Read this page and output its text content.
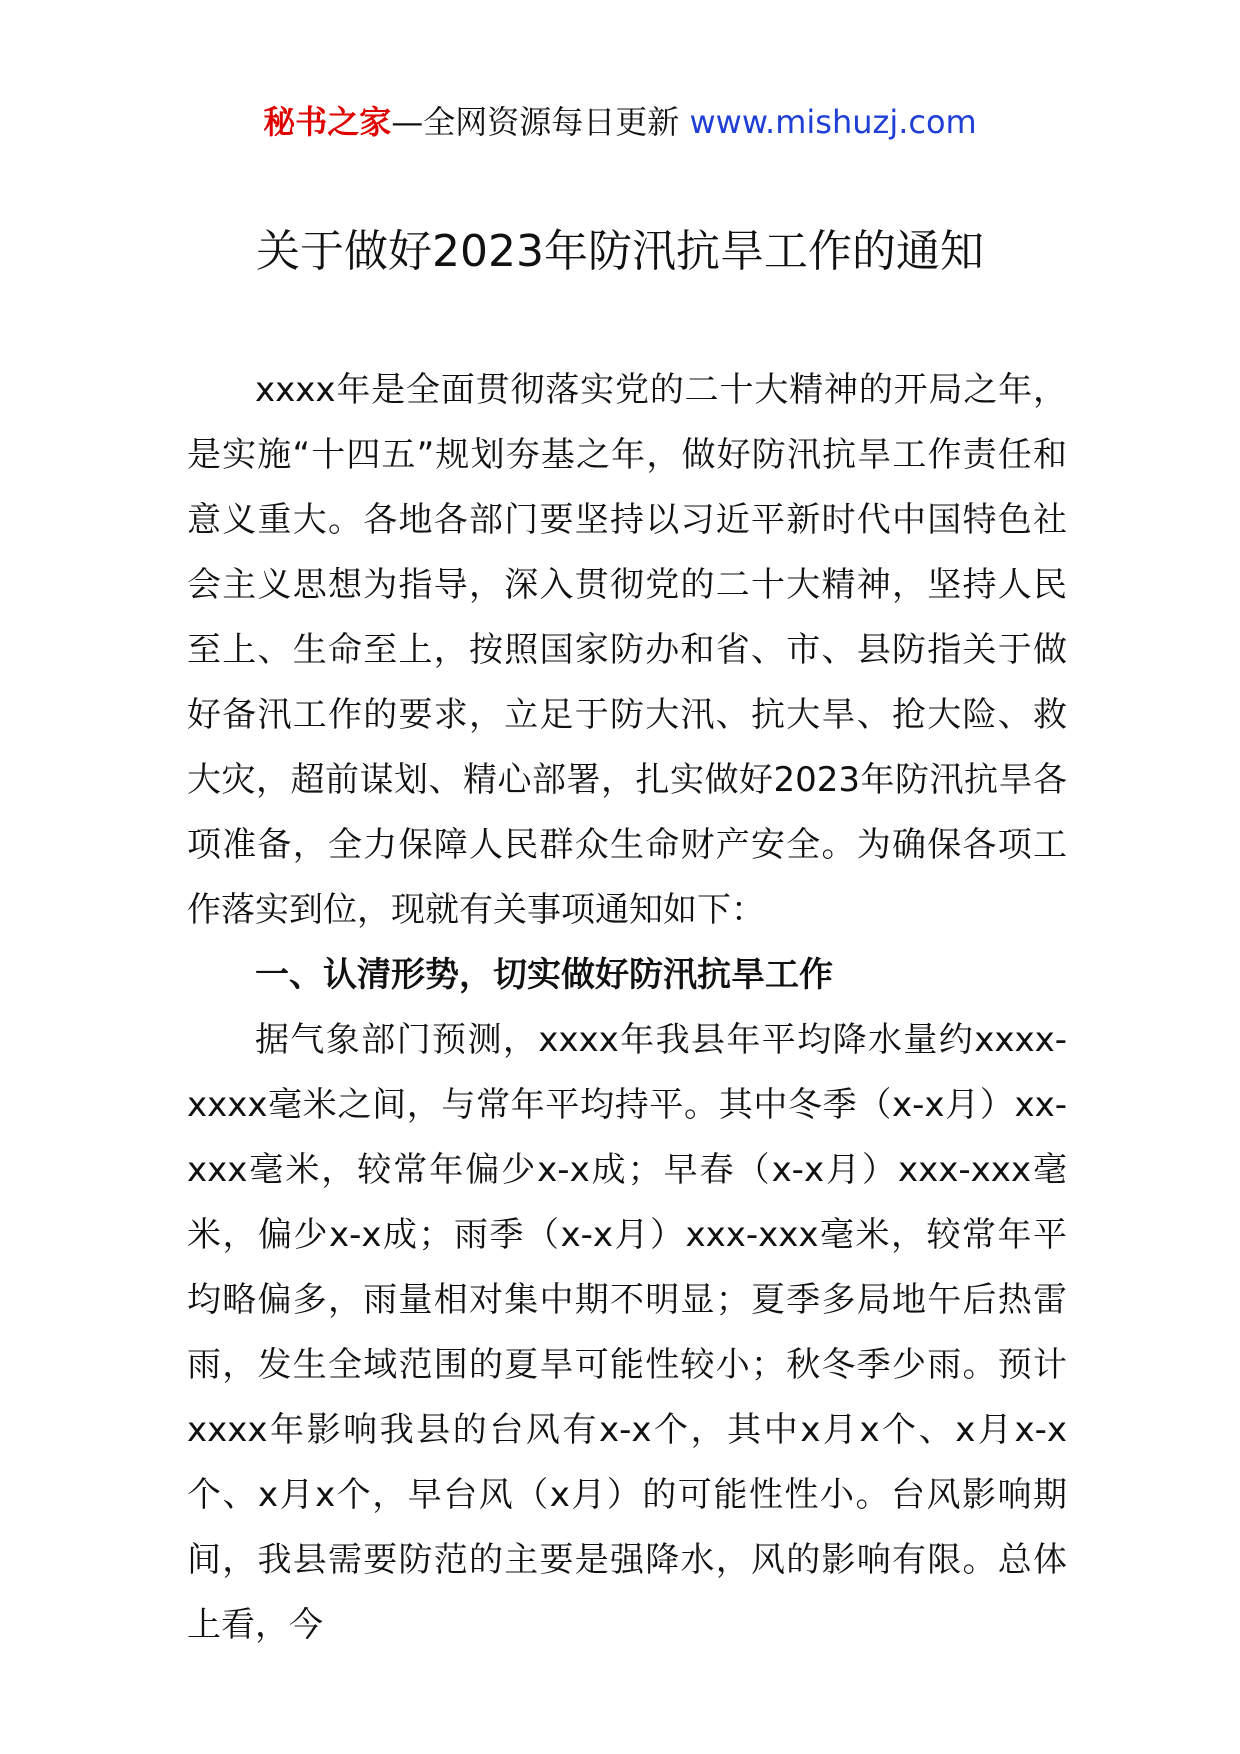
秘书之家—全网资源每日更新 www.mishuzj.com
关于做好2023年防汛抗旱工作的通知

xxxx年是全面贯彻落实党的二十大精神的开局之年，是实施“十四五”规划夯基之年，做好防汛抗旱工作责任和意义重大。各地各部门要坚持以习近平新时代中国特色社会主义思想为指导，深入贯彻党的二十大精神，坚持人民至上、生命至上，按照国家防办和省、市、县防指关于做好备汛工作的要求，立足于防大汛、抗大旱、抢大险、救大灾，超前谋划、精心部署，扎实做好2023年防汛抗旱各项准备，全力保障人民群众生命财产安全。为确保各项工作落实到位，现就有关事项通知如下：

一、认清形势，切实做好防汛抗旱工作

据气象部门预测，xxxx年我县年平均降水量约xxxx-xxxx毫米之间，与常年平均持平。其中冬季（x-x月）xx-xxx毫米，较常年偏少x-x成；早春（x-x月）xxx-xxx毫米，偏少x-x成；雨季（x-x月）xxx-xxx毫米，较常年平均略偏多，雨量相对集中期不明显；夏季多局地午后热雷雨，发生全域范围的夏旱可能性较小；秋冬季少雨。预计xxxx年影响我县的台风有x-x个，其中x月x个、x月x-x个、x月x个，早台风（x月）的可能性性小。台风影响期间，我县需要防范的主要是强降水，风的影响有限。总体上看，今
